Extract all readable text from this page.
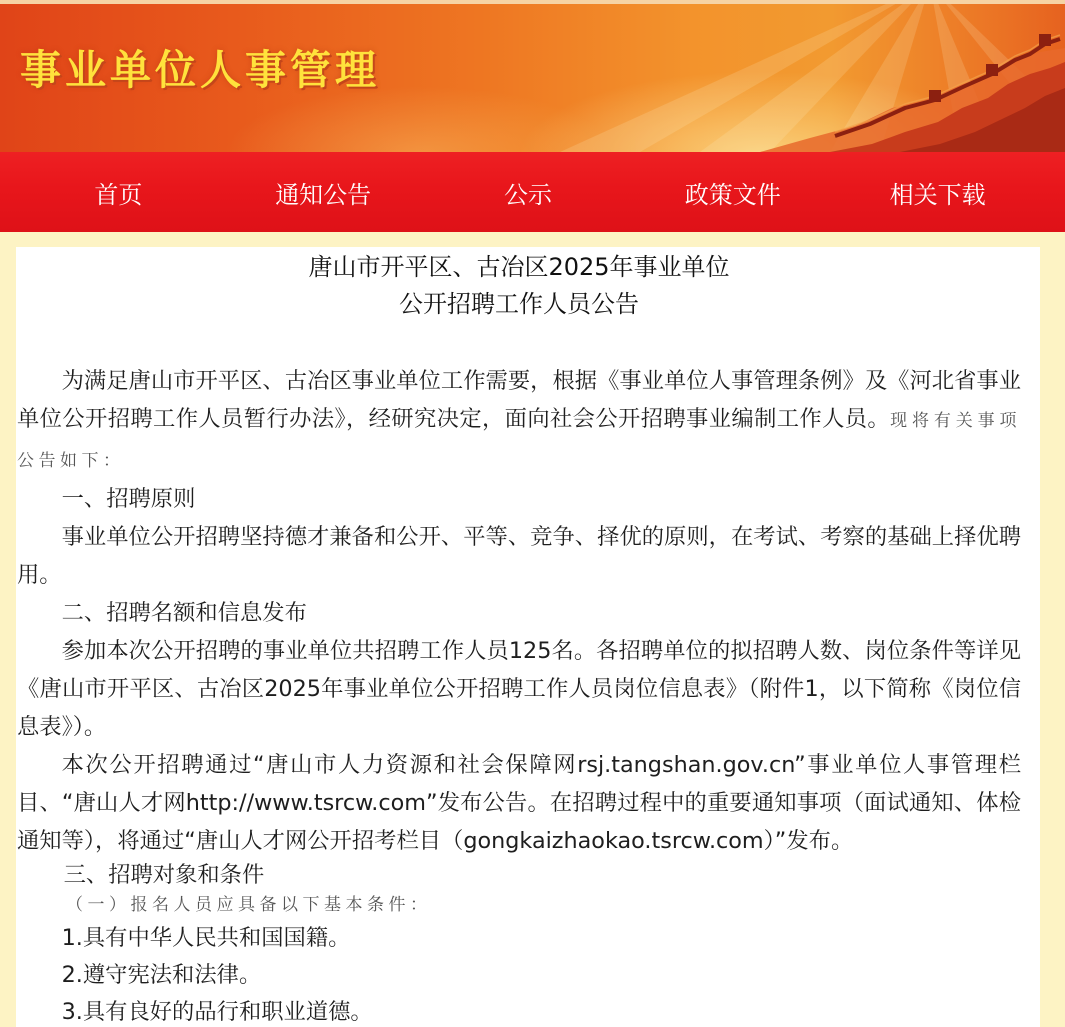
事业单位人事管理
首页	通知公告	公示	政策文件	相关下载
唐山市开平区、古冶区2025年事业单位
公开招聘工作人员公告

为满足唐山市开平区、古冶区事业单位工作需要，根据《事业单位人事管理条例》及《河北省事业单位公开招聘工作人员暂行办法》，经研究决定，面向社会公开招聘事业编制工作人员。现将有关事项公告如下：

一、招聘原则

事业单位公开招聘坚持德才兼备和公开、平等、竞争、择优的原则，在考试、考察的基础上择优聘用。

二、招聘名额和信息发布

参加本次公开招聘的事业单位共招聘工作人员125名。各招聘单位的拟招聘人数、岗位条件等详见《唐山市开平区、古冶区2025年事业单位公开招聘工作人员岗位信息表》（附件1，以下简称《岗位信息表》）。

本次公开招聘通过“唐山市人力资源和社会保障网rsj.tangshan.gov.cn”事业单位人事管理栏目、“唐山人才网http://www.tsrcw.com”发布公告。在招聘过程中的重要通知事项（面试通知、体检通知等），将通过“唐山人才网公开招考栏目（gongkaizhaokao.tsrcw.com）”发布。

三、招聘对象和条件

（一）报名人员应具备以下基本条件：

1.具有中华人民共和国国籍。

2.遵守宪法和法律。

3.具有良好的品行和职业道德。
